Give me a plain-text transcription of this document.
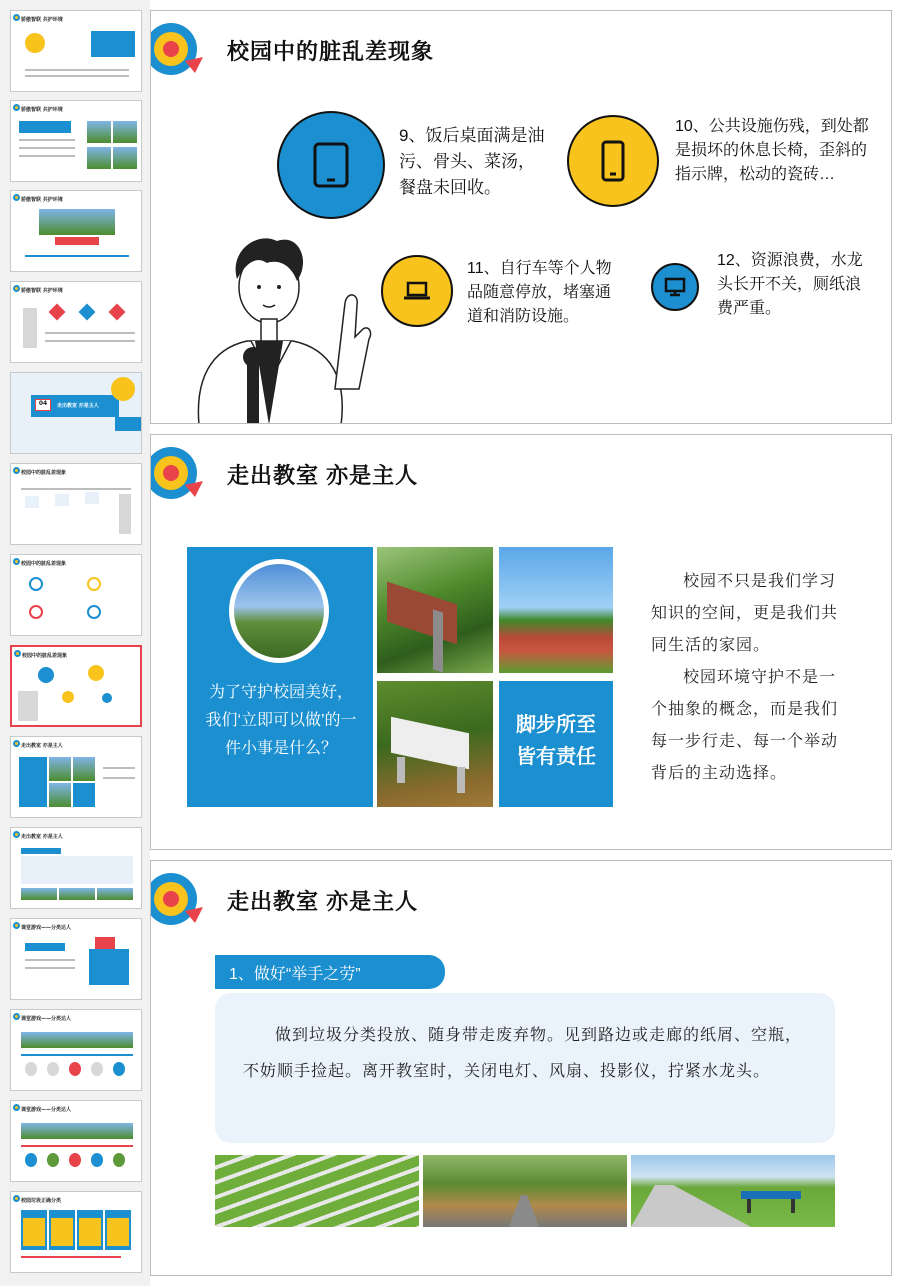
骄傲智联 共护环境
骄傲智联 共护环境
骄傲智联 共护环境
骄傲智联 共护环境
04	走出教室 亦是主人
校园中的脏乱差现象
校园中的脏乱差现象
校园中的脏乱差现象
走出教室 亦是主人
走出教室 亦是主人
课堂游戏——分类达人
课堂游戏——分类达人
课堂游戏——分类达人
校园垃圾正确分类
校园中的脏乱差现象
9、饭后桌面满是油污、骨头、菜汤，餐盘未回收。
10、公共设施伤残，到处都是损坏的休息长椅，歪斜的指示牌，松动的瓷砖…
11、自行车等个人物品随意停放，堵塞通道和消防设施。
12、资源浪费，水龙头长开不关，厕纸浪费严重。
走出教室 亦是主人
为了守护校园美好，我们‘立即可以做’的一件小事是什么？
脚步所至
皆有责任
校园不只是我们学习知识的空间，更是我们共同生活的家园。
校园环境守护不是一个抽象的概念，而是我们每一步行走、每一个举动背后的主动选择。
走出教室 亦是主人
1、做好“举手之劳”
做到垃圾分类投放、随身带走废弃物。见到路边或走廊的纸屑、空瓶，不妨顺手捡起。离开教室时，关闭电灯、风扇、投影仪，拧紧水龙头。
